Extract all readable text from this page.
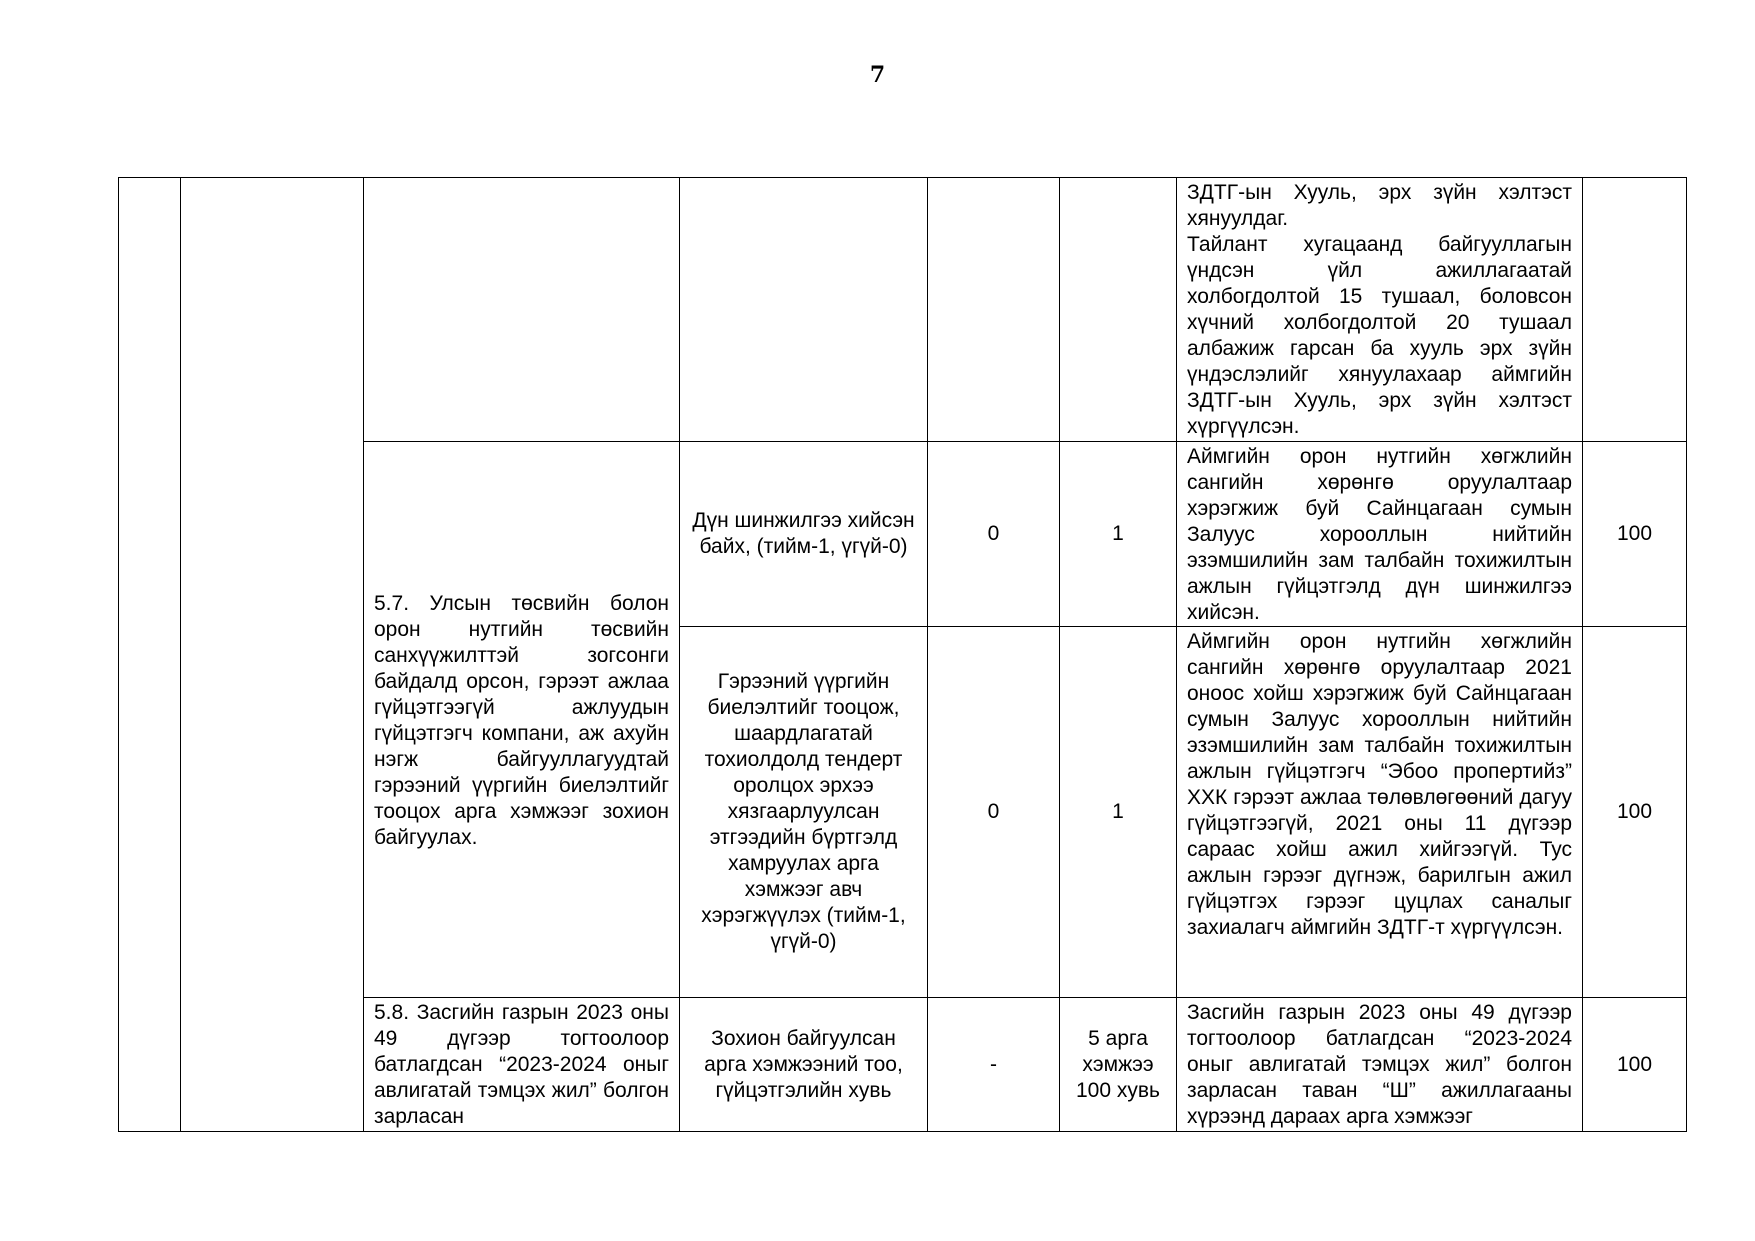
7
						ЗДТГ-ын Хууль, эрх зүйн хэлтэст хянуулдаг.
Тайлант хугацаанд байгууллагын үндсэн үйл ажиллагаатай холбогдолтой 15 тушаал, боловсон хүчний холбогдолтой 20 тушаал албажиж гарсан ба хууль эрх зүйн үндэслэлийг хянуулахаар аймгийн ЗДТГ-ын Хууль, эрх зүйн хэлтэст хүргүүлсэн.	
		5.7. Улсын төсвийн болон орон нутгийн төсвийн санхүүжилттэй зогсонги байдалд орсон, гэрээт ажлаа гүйцэтгээгүй ажлуудын гүйцэтгэгч компани, аж ахуйн нэгж байгууллагуудтай гэрээний үүргийн биелэлтийг тооцох арга хэмжээг зохион байгуулах.	Дүн шинжилгээ хийсэн байх, (тийм-1, үгүй-0)	0	1	Аймгийн орон нутгийн хөгжлийн сангийн хөрөнгө оруулалтаар хэрэгжиж буй Сайнцагаан сумын Залуус хорооллын нийтийн эзэмшилийн зам талбайн тохижилтын ажлын гүйцэтгэлд дүн шинжилгээ хийсэн.	100
			Гэрээний үүргийн биелэлтийг тооцож, шаардлагатай тохиолдолд тендерт оролцох эрхээ хязгаарлуулсан этгээдийн бүртгэлд хамруулах арга хэмжээг авч хэрэгжүүлэх (тийм-1, үгүй-0)	0	1	Аймгийн орон нутгийн хөгжлийн сангийн хөрөнгө оруулалтаар 2021 оноос хойш хэрэгжиж буй Сайнцагаан сумын Залуус хорооллын нийтийн эзэмшилийн зам талбайн тохижилтын ажлын гүйцэтгэгч “Эбоо пропертийз” ХХК гэрээт ажлаа төлөвлөгөөний дагуу гүйцэтгээгүй, 2021 оны 11 дүгээр сараас хойш ажил хийгээгүй. Тус ажлын гэрээг дүгнэж, барилгын ажил гүйцэтгэх гэрээг цуцлах саналыг захиалагч аймгийн ЗДТГ-т хүргүүлсэн.	100
		5.8. Засгийн газрын 2023 оны 49 дүгээр тогтоолоор батлагдсан “2023-2024 оныг авлигатай тэмцэх жил” болгон зарласан	Зохион байгуулсан арга хэмжээний тоо, гүйцэтгэлийн хувь	-	5 арга хэмжээ 100 хувь	Засгийн газрын 2023 оны 49 дүгээр тогтоолоор батлагдсан “2023-2024 оныг авлигатай тэмцэх жил” болгон зарласан таван “Ш” ажиллагааны хүрээнд дараах арга хэмжээг	100
